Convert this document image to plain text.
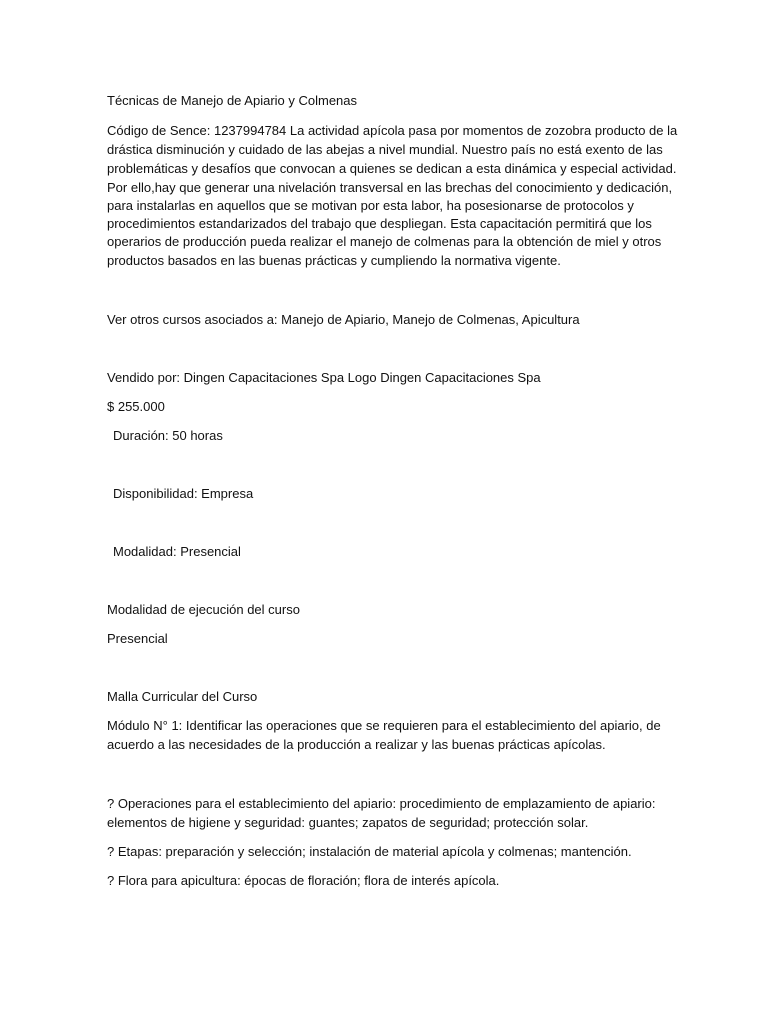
Técnicas de Manejo de Apiario y Colmenas

Código de Sence: 1237994784 La actividad apícola pasa por momentos de zozobra producto de la

drástica disminución y cuidado de las abejas a nivel mundial. Nuestro país no está exento de las

problemáticas y desafíos que convocan a quienes se dedican a esta dinámica y especial actividad.

Por ello,hay que generar una nivelación transversal en las brechas del conocimiento y dedicación,

para instalarlas en aquellos que se motivan por esta labor, ha posesionarse de protocolos y

procedimientos estandarizados del trabajo que despliegan. Esta capacitación permitirá que los

operarios de producción pueda realizar el manejo de colmenas para la obtención de miel y otros

productos basados en las buenas prácticas y cumpliendo la normativa vigente.

Ver otros cursos asociados a: Manejo de Apiario, Manejo de Colmenas, Apicultura

Vendido por: Dingen Capacitaciones Spa Logo Dingen Capacitaciones Spa

$ 255.000

Duración: 50 horas

Disponibilidad: Empresa

Modalidad: Presencial

Modalidad de ejecución del curso

Presencial

Malla Curricular del Curso

Módulo N° 1: Identificar las operaciones que se requieren para el establecimiento del apiario, de

acuerdo a las necesidades de la producción a realizar y las buenas prácticas apícolas.

? Operaciones para el establecimiento del apiario: procedimiento de emplazamiento de apiario:

elementos de higiene y seguridad: guantes; zapatos de seguridad; protección solar.

? Etapas: preparación y selección; instalación de material apícola y colmenas; mantención.

? Flora para apicultura: épocas de floración; flora de interés apícola.
